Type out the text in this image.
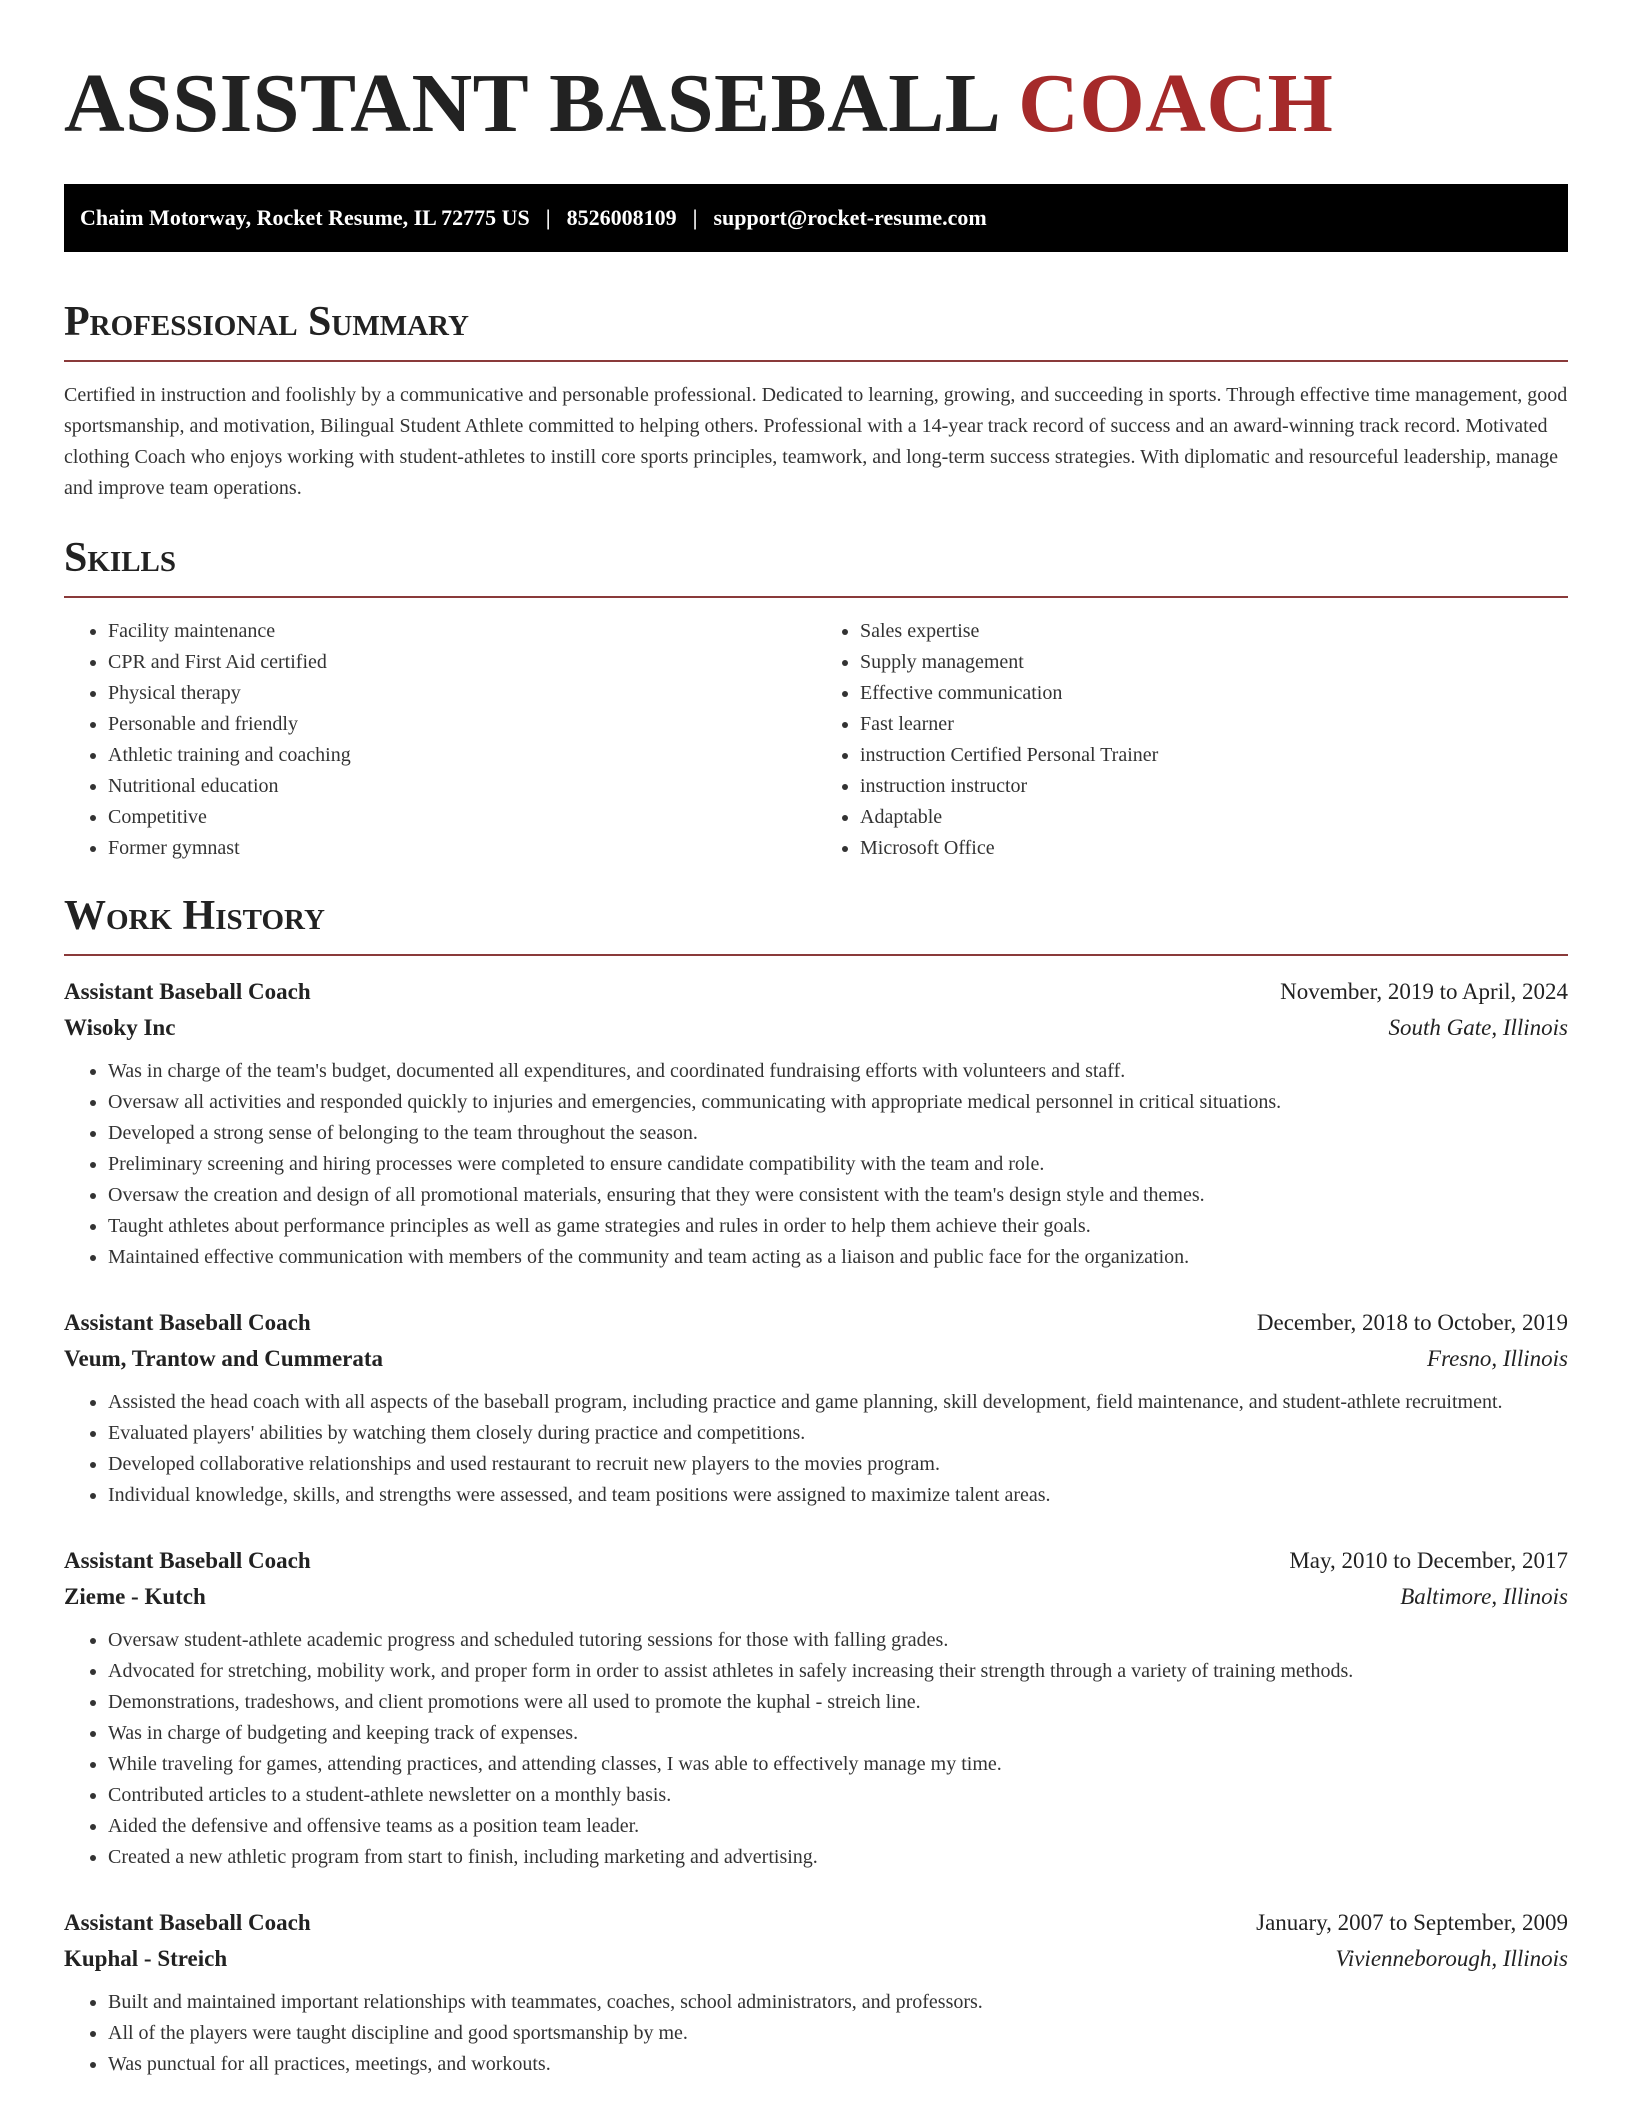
ASSISTANT BASEBALL COACH
Chaim Motorway, Rocket Resume, IL 72775 US | 8526008109 | support@rocket-resume.com
Professional Summary

Certified in instruction and foolishly by a communicative and personable professional. Dedicated to learning, growing, and succeeding in sports. Through effective time management, good sportsmanship, and motivation, Bilingual Student Athlete committed to helping others. Professional with a 14-year track record of success and an award-winning track record. Motivated clothing Coach who enjoys working with student-athletes to instill core sports principles, teamwork, and long-term success strategies. With diplomatic and resourceful leadership, manage and improve team operations.

Skills
• Facility maintenance
• CPR and First Aid certified
• Physical therapy
• Personable and friendly
• Athletic training and coaching
• Nutritional education
• Competitive
• Former gymnast
• Sales expertise
• Supply management
• Effective communication
• Fast learner
• instruction Certified Personal Trainer
• instruction instructor
• Adaptable
• Microsoft Office
Work History
Assistant Baseball Coach	November, 2019 to April, 2024
Wisoky Inc	South Gate, Illinois
• Was in charge of the team's budget, documented all expenditures, and coordinated fundraising efforts with volunteers and staff.
• Oversaw all activities and responded quickly to injuries and emergencies, communicating with appropriate medical personnel in critical situations.
• Developed a strong sense of belonging to the team throughout the season.
• Preliminary screening and hiring processes were completed to ensure candidate compatibility with the team and role.
• Oversaw the creation and design of all promotional materials, ensuring that they were consistent with the team's design style and themes.
• Taught athletes about performance principles as well as game strategies and rules in order to help them achieve their goals.
• Maintained effective communication with members of the community and team acting as a liaison and public face for the organization.
Assistant Baseball Coach	December, 2018 to October, 2019
Veum, Trantow and Cummerata	Fresno, Illinois
• Assisted the head coach with all aspects of the baseball program, including practice and game planning, skill development, field maintenance, and student-athlete recruitment.
• Evaluated players' abilities by watching them closely during practice and competitions.
• Developed collaborative relationships and used restaurant to recruit new players to the movies program.
• Individual knowledge, skills, and strengths were assessed, and team positions were assigned to maximize talent areas.
Assistant Baseball Coach	May, 2010 to December, 2017
Zieme - Kutch	Baltimore, Illinois
• Oversaw student-athlete academic progress and scheduled tutoring sessions for those with falling grades.
• Advocated for stretching, mobility work, and proper form in order to assist athletes in safely increasing their strength through a variety of training methods.
• Demonstrations, tradeshows, and client promotions were all used to promote the kuphal - streich line.
• Was in charge of budgeting and keeping track of expenses.
• While traveling for games, attending practices, and attending classes, I was able to effectively manage my time.
• Contributed articles to a student-athlete newsletter on a monthly basis.
• Aided the defensive and offensive teams as a position team leader.
• Created a new athletic program from start to finish, including marketing and advertising.
Assistant Baseball Coach	January, 2007 to September, 2009
Kuphal - Streich	Vivienneborough, Illinois
• Built and maintained important relationships with teammates, coaches, school administrators, and professors.
• All of the players were taught discipline and good sportsmanship by me.
• Was punctual for all practices, meetings, and workouts.
